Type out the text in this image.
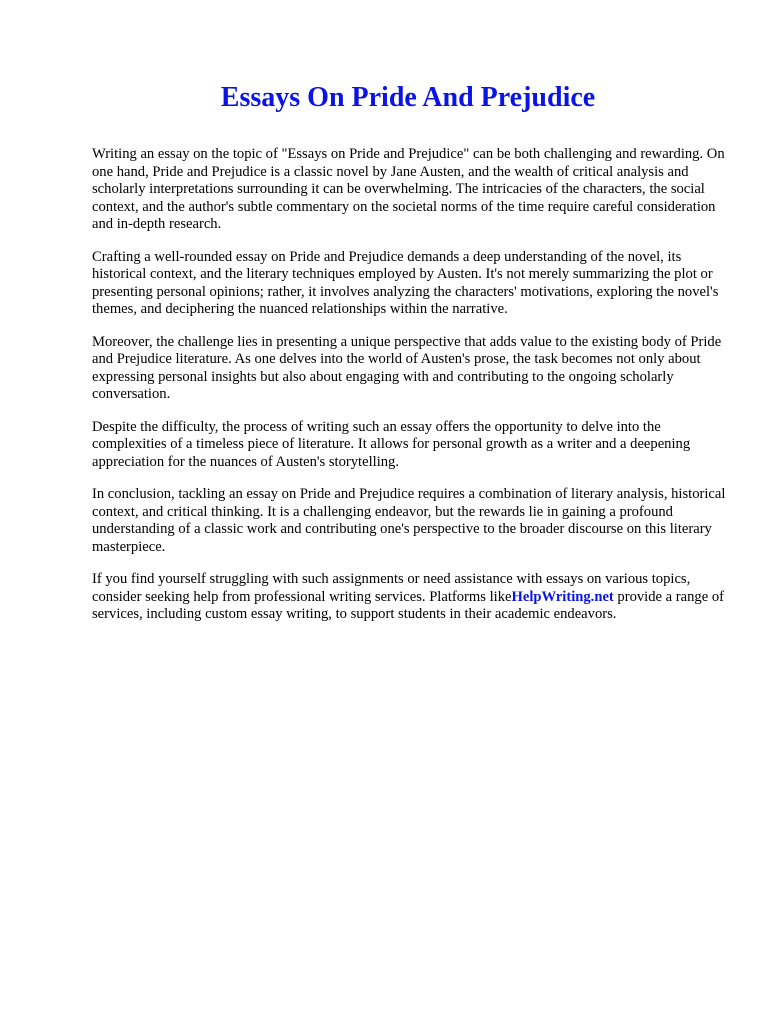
Essays On Pride And Prejudice

Writing an essay on the topic of "Essays on Pride and Prejudice" can be both challenging and rewarding. On one hand, Pride and Prejudice is a classic novel by Jane Austen, and the wealth of critical analysis and scholarly interpretations surrounding it can be overwhelming. The intricacies of the characters, the social context, and the author's subtle commentary on the societal norms of the time require careful consideration and in-depth research.

Crafting a well-rounded essay on Pride and Prejudice demands a deep understanding of the novel, its historical context, and the literary techniques employed by Austen. It's not merely summarizing the plot or presenting personal opinions; rather, it involves analyzing the characters' motivations, exploring the novel's themes, and deciphering the nuanced relationships within the narrative.

Moreover, the challenge lies in presenting a unique perspective that adds value to the existing body of Pride and Prejudice literature. As one delves into the world of Austen's prose, the task becomes not only about expressing personal insights but also about engaging with and contributing to the ongoing scholarly conversation.

Despite the difficulty, the process of writing such an essay offers the opportunity to delve into the complexities of a timeless piece of literature. It allows for personal growth as a writer and a deepening appreciation for the nuances of Austen's storytelling.

In conclusion, tackling an essay on Pride and Prejudice requires a combination of literary analysis, historical context, and critical thinking. It is a challenging endeavor, but the rewards lie in gaining a profound understanding of a classic work and contributing one's perspective to the broader discourse on this literary masterpiece.

If you find yourself struggling with such assignments or need assistance with essays on various topics, consider seeking help from professional writing services. Platforms likeHelpWriting.net provide a range of services, including custom essay writing, to support students in their academic endeavors.
